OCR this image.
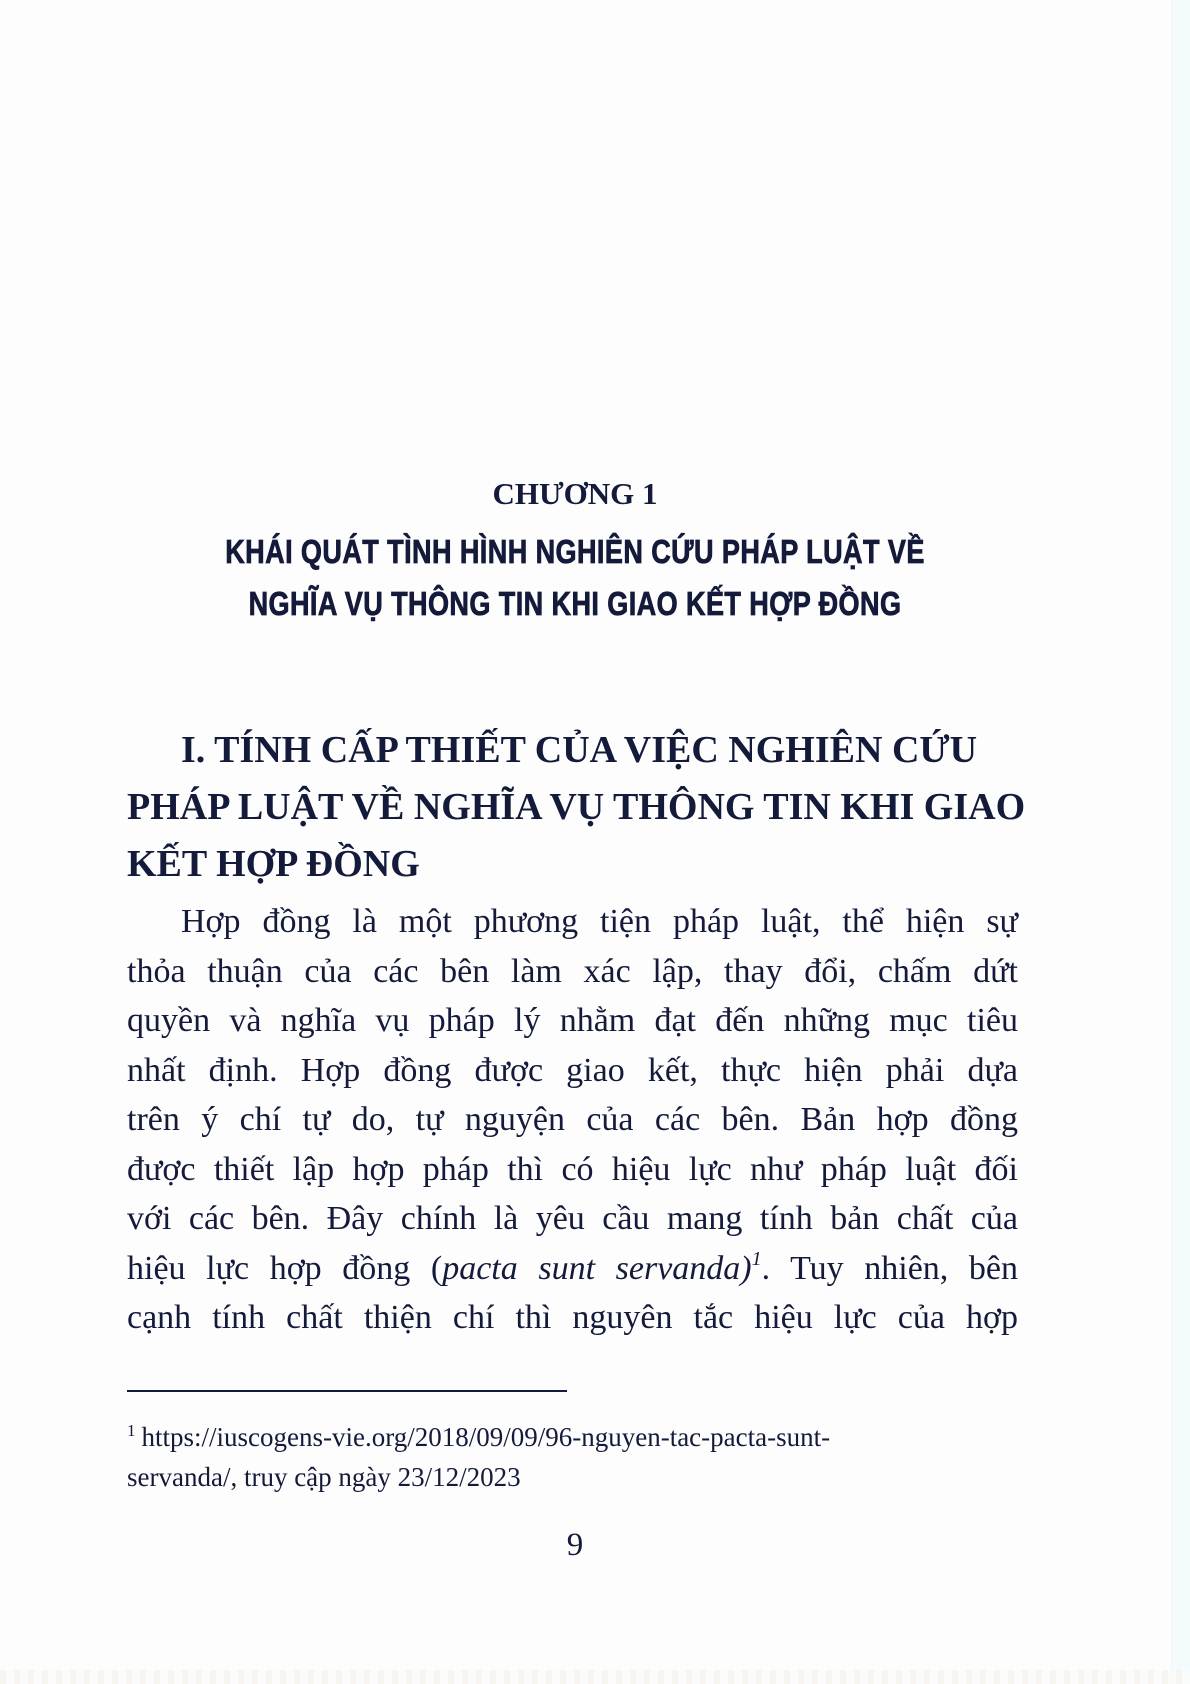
CHƯƠNG 1
KHÁI QUÁT TÌNH HÌNH NGHIÊN CỨU PHÁP LUẬT VỀ
NGHĨA VỤ THÔNG TIN KHI GIAO KẾT HỢP ĐỒNG
I. TÍNH CẤP THIẾT CỦA VIỆC NGHIÊN CỨU
PHÁP LUẬT VỀ NGHĨA VỤ THÔNG TIN KHI GIAO
KẾT HỢP ĐỒNG
Hợp đồng là một phương tiện pháp luật, thể hiện sự
thỏa thuận của các bên làm xác lập, thay đổi, chấm dứt
quyền và nghĩa vụ pháp lý nhằm đạt đến những mục tiêu
nhất định. Hợp đồng được giao kết, thực hiện phải dựa
trên ý chí tự do, tự nguyện của các bên. Bản hợp đồng
được thiết lập hợp pháp thì có hiệu lực như pháp luật đối
với các bên. Đây chính là yêu cầu mang tính bản chất của
hiệu lực hợp đồng (pacta sunt servanda)$^1$. Tuy nhiên, bên
cạnh tính chất thiện chí thì nguyên tắc hiệu lực của hợp
$^1$ https://iuscogens-vie.org/2018/09/09/96-nguyen-tac-pacta-sunt-
servanda/, truy cập ngày 23/12/2023
9
